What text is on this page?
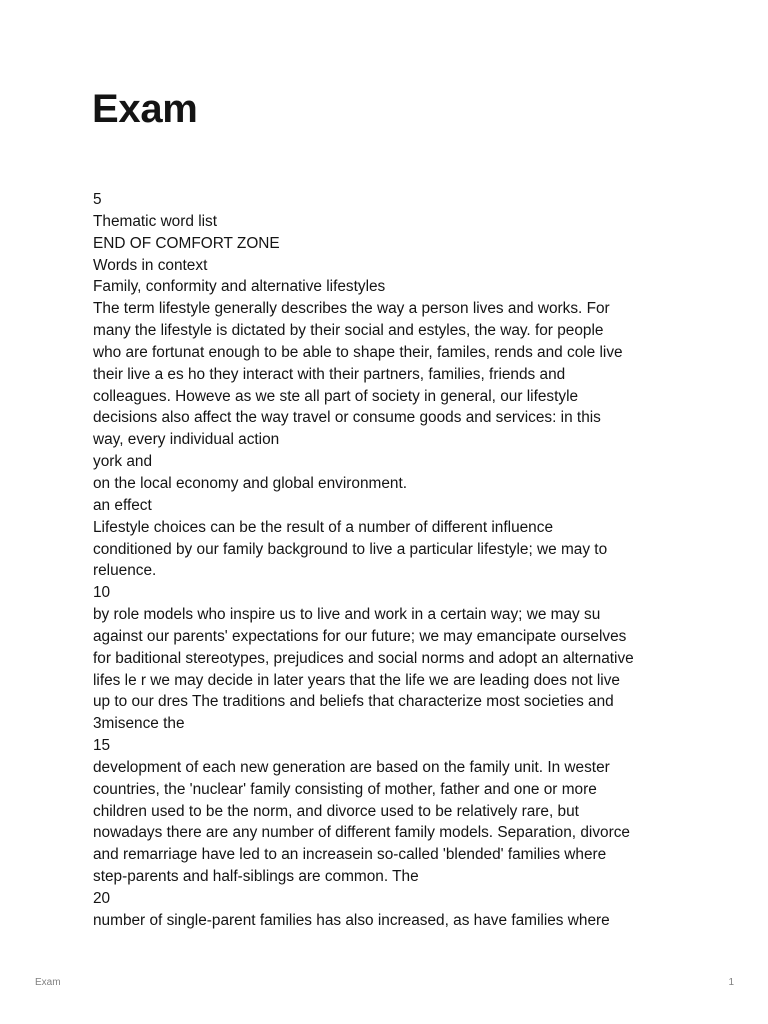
Exam
5
Thematic word list
END OF COMFORT ZONE
Words in context
Family, conformity and alternative lifestyles
The term lifestyle generally describes the way a person lives and works. For
many the lifestyle is dictated by their social and estyles, the way. for people
who are fortunat enough to be able to shape their, familes, rends and cole live
their live a es ho they interact with their partners, families, friends and
colleagues. Howeve as we ste all part of society in general, our lifestyle
decisions also affect the way travel or consume goods and services: in this
way, every individual action
york and
on the local economy and global environment.
an effect
Lifestyle choices can be the result of a number of different influence
conditioned by our family background to live a particular lifestyle; we may to
reluence.
10
by role models who inspire us to live and work in a certain way; we may su
against our parents' expectations for our future; we may emancipate ourselves
for baditional stereotypes, prejudices and social norms and adopt an alternative
lifes le r we may decide in later years that the life we are leading does not live
up to our dres The traditions and beliefs that characterize most societies and
3misence the
15
development of each new generation are based on the family unit. In wester
countries, the 'nuclear' family consisting of mother, father and one or more
children used to be the norm, and divorce used to be relatively rare, but
nowadays there are any number of different family models. Separation, divorce
and remarriage have led to an increasein so-called 'blended' families where
step-parents and half-siblings are common. The
20
number of single-parent families has also increased, as have families where
Exam	1
